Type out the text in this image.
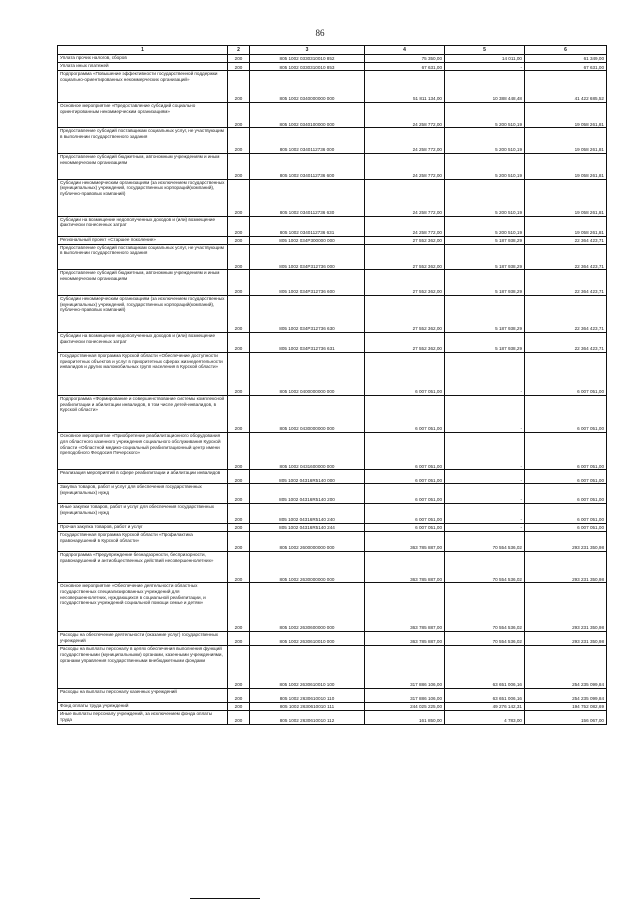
86
1	2	3	4	5	6
Уплата прочих налогов, сборов	200	805 1002 0330310010 852	75 350,00	14 011,00	61 349,00
Уплата иных платежей	200	805 1002 0330310010 853	67 631,00	-	67 631,00
Подпрограмма «Повышение эффективности государственной поддержки социально-ориентированных некоммерческих организаций»	200	805 1002 0340000000 000	51 811 134,00	10 388 448,48	41 422 685,52
Основное мероприятие «Предоставление субсидий социально ориентированным некоммерческим организациям»	200	805 1002 0340100000 000	24 258 772,00	5 200 510,19	19 058 261,81
Предоставление субсидий поставщикам социальных услуг, не участвующим в выполнении государственного задания	200	805 1002 0340112736 000	24 258 772,00	5 200 510,19	19 058 261,81
Предоставление субсидий бюджетным, автономным учреждениям и иным некоммерческим организациям	200	805 1002 0340112736 600	24 258 772,00	5 200 510,19	19 058 261,81
Субсидии некоммерческим организациям (за исключением государственных (муниципальных) учреждений, государственных корпораций(компаний), публично-правовых компаний)	200	805 1002 0340112736 630	24 258 772,00	5 200 510,19	19 058 261,81
Субсидии на возмещение недополученных доходов и (или) возмещение фактически понесенных затрат	200	805 1002 0340112736 631	24 258 772,00	5 200 510,19	19 058 261,81
Региональный проект «Старшее поколение»	200	805 1002 034P300000 000	27 552 362,00	5 187 938,29	22 364 423,71
Предоставление субсидий поставщикам социальных услуг, не участвующим в выполнении государственного задания	200	805 1002 034P312736 000	27 552 362,00	5 187 938,29	22 364 423,71
Предоставление субсидий бюджетным, автономным учреждениям и иным некоммерческим организациям	200	805 1002 034P312736 600	27 552 362,00	5 187 938,29	22 364 423,71
Субсидии некоммерческим организациям (за исключением государственных (муниципальных) учреждений, государственных корпораций(компаний), публично-правовых компаний)	200	805 1002 034P312736 630	27 552 362,00	5 187 938,29	22 364 423,71
Субсидии на возмещение недополученных доходов и (или) возмещение фактически понесенных затрат	200	805 1002 034P312736 631	27 552 362,00	5 187 938,29	22 364 423,71
Государственная программа Курской области «Обеспечение доступности приоритетных объектов и услуг в приоритетных сферах жизнедеятельности инвалидов и других маломобильных групп населения в Курской области»	200	805 1002 0400000000 000	6 007 051,00	-	6 007 051,00
Подпрограмма «Формирование и совершенствование системы комплексной реабилитации и абилитации инвалидов, в том числе детей-инвалидов, в Курской области»	200	805 1002 0430000000 000	6 007 051,00	-	6 007 051,00
Основное мероприятие «Приобретение реабилитационного оборудования для областного казенного учреждения социального обслуживания Курской области «Областной медико-социальный реабилитационный центр имени преподобного Феодосия Печерского»	200	805 1002 0431600000 000	6 007 051,00	-	6 007 051,00
Реализация мероприятий в сфере реабилитации и абилитации инвалидов	200	805 1002 04316R5140 000	6 007 051,00	-	6 007 051,00
Закупка товаров, работ и услуг для обеспечения государственных (муниципальных) нужд	200	805 1002 04316R5140 200	6 007 051,00	-	6 007 051,00
Иные закупки товаров, работ и услуг для обеспечения государственных (муниципальных) нужд	200	805 1002 04316R5140 240	6 007 051,00	-	6 007 051,00
Прочая закупка товаров, работ и услуг	200	805 1002 04316R5140 244	6 007 051,00	-	6 007 051,00
Государственная программа Курской области «Профилактика правонарушений в Курской области»	200	805 1002 2600000000 000	363 785 887,00	70 554 536,02	293 231 350,98
Подпрограмма «Предупреждение безнадзорности, беспризорности, правонарушений и антиобщественных действий несовершеннолетних»	200	805 1002 2630000000 000	363 785 887,00	70 554 536,02	293 231 350,98
Основное мероприятие «Обеспечение деятельности областных государственных специализированных учреждений для несовершеннолетних, нуждающихся в социальной реабилитации, и государственных учреждений социальной помощи семье и детям»	200	805 1002 2630600000 000	363 785 887,00	70 554 536,02	293 231 350,98
Расходы на обеспечение деятельности (оказание услуг) государственных учреждений	200	805 1002 2630610010 000	363 785 887,00	70 554 536,02	293 231 350,98
Расходы на выплаты персоналу в целях обеспечения выполнения функций государственными (муниципальными) органами, казенными учреждениями, органами управления государственными внебюджетными фондами	200	805 1002 2630610010 100	317 886 106,00	63 651 006,16	254 235 099,84
Расходы на выплаты персоналу казенных учреждений	200	805 1002 2630610010 110	317 886 106,00	63 651 006,16	254 235 099,84
Фонд оплаты труда учреждений	200	805 1002 2630610010 111	244 025 225,00	49 276 142,31	194 752 082,69
Иные выплаты персоналу учреждений, за исключением фонда оплаты труда	200	805 1002 2630610010 112	161 850,00	4 783,00	156 067,00
